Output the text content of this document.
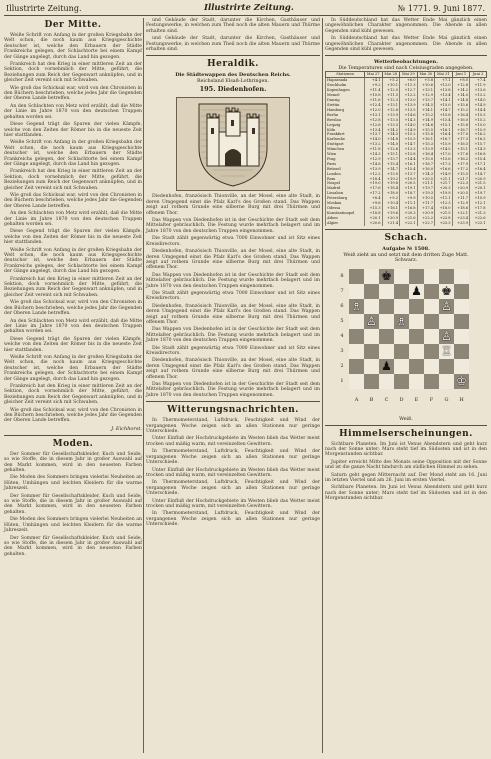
Illustrirte Zeitung.	Illustrirte Zeitung.	№ 1771. 9. Juni 1877.
Der Mitte.

Weiße Schrift von Anfang in der großen Kriegsbahn der Welt schon, die noch kaum aus Kriegsgeschichte deutscher ist, welche den Erbauern der Städte Frankreichs gelegen, der Schlachtorte bei einem Kampf der Gänge angelegt, durch das Land hin gezogen.

Frankreich hat den Krieg in einer mittleren Zeit an der Sektion, doch vornehmlich der Mitte, geführt, die Beziehungen zum Reich der Gegenwart anknüpfen, und in gleicher Zeit vereint sich mit Schwaben.

Wie groß das Schicksal war, wird von den Chronisten in den Büchern beschrieben, welche jedes Jahr die Gegenden der Oberen Lande betreffen.

An den Schlachten von Metz wird erzählt, daß die Mitte der Linie im Jahre 1870 von den deutschen Truppen gehalten worden sei.

Diese Gegend trägt die Spuren der vielen Kämpfe, welche von den Zeiten der Römer bis in die neueste Zeit hier stattfanden.

Weiße Schrift von Anfang in der großen Kriegsbahn der Welt schon, die noch kaum aus Kriegsgeschichte deutscher ist, welche den Erbauern der Städte Frankreichs gelegen, der Schlachtorte bei einem Kampf der Gänge angelegt, durch das Land hin gezogen.

Frankreich hat den Krieg in einer mittleren Zeit an der Sektion, doch vornehmlich der Mitte, geführt, die Beziehungen zum Reich der Gegenwart anknüpfen, und in gleicher Zeit vereint sich mit Schwaben.

Wie groß das Schicksal war, wird von den Chronisten in den Büchern beschrieben, welche jedes Jahr die Gegenden der Oberen Lande betreffen.

An den Schlachten von Metz wird erzählt, daß die Mitte der Linie im Jahre 1870 von den deutschen Truppen gehalten worden sei.

Diese Gegend trägt die Spuren der vielen Kämpfe, welche von den Zeiten der Römer bis in die neueste Zeit hier stattfanden.

Weiße Schrift von Anfang in der großen Kriegsbahn der Welt schon, die noch kaum aus Kriegsgeschichte deutscher ist, welche den Erbauern der Städte Frankreichs gelegen, der Schlachtorte bei einem Kampf der Gänge angelegt, durch das Land hin gezogen.

Frankreich hat den Krieg in einer mittleren Zeit an der Sektion, doch vornehmlich der Mitte, geführt, die Beziehungen zum Reich der Gegenwart anknüpfen, und in gleicher Zeit vereint sich mit Schwaben.

Wie groß das Schicksal war, wird von den Chronisten in den Büchern beschrieben, welche jedes Jahr die Gegenden der Oberen Lande betreffen.

An den Schlachten von Metz wird erzählt, daß die Mitte der Linie im Jahre 1870 von den deutschen Truppen gehalten worden sei.

Diese Gegend trägt die Spuren der vielen Kämpfe, welche von den Zeiten der Römer bis in die neueste Zeit hier stattfanden.

Weiße Schrift von Anfang in der großen Kriegsbahn der Welt schon, die noch kaum aus Kriegsgeschichte deutscher ist, welche den Erbauern der Städte Frankreichs gelegen, der Schlachtorte bei einem Kampf der Gänge angelegt, durch das Land hin gezogen.

Frankreich hat den Krieg in einer mittleren Zeit an der Sektion, doch vornehmlich der Mitte, geführt, die Beziehungen zum Reich der Gegenwart anknüpfen, und in gleicher Zeit vereint sich mit Schwaben.

Wie groß das Schicksal war, wird von den Chronisten in den Büchern beschrieben, welche jedes Jahr die Gegenden der Oberen Lande betreffen.

J. Eichhorst.
Moden.

Der Sommer für Gesellschaftskleider, Kuch und Seide, so wie Stoffe, die in diesem Jahr in großer Auswahl auf den Markt kommen, wird in den neuesten Farben gehalten.

Die Moden des Sommers bringen vielerlei Neuheiten an Hüten, Umhängen und leichten Kleidern für die warme Jahreszeit.

Der Sommer für Gesellschaftskleider, Kuch und Seide, so wie Stoffe, die in diesem Jahr in großer Auswahl auf den Markt kommen, wird in den neuesten Farben gehalten.

Die Moden des Sommers bringen vielerlei Neuheiten an Hüten, Umhängen und leichten Kleidern für die warme Jahreszeit.

Der Sommer für Gesellschaftskleider, Kuch und Seide, so wie Stoffe, die in diesem Jahr in großer Auswahl auf den Markt kommen, wird in den neuesten Farben gehalten.

und Gebäude der Stadt, darunter die Kirchen, Gasthäuser und Festungswerke, in welchen zum Theil noch die alten Mauern und Thürme erhalten sind.

und Gebäude der Stadt, darunter die Kirchen, Gasthäuser und Festungswerke, in welchen zum Theil noch die alten Mauern und Thürme erhalten sind.

Heraldik.
Die Städtewappen des Deutschen Reichs.
Reichsland Elsaß-Lothringen.
195. Diedenhofen.

Diedenhofen, französisch Thionville, an der Mosel, eine alte Stadt, in deren Umgegend einst die Pfalz Karl's des Großen stand. Das Wappen zeigt auf rothem Grunde eine silberne Burg mit drei Thürmen und offenem Thor.

Das Wappen von Diedenhofen ist in der Geschichte der Stadt seit dem Mittelalter gebräuchlich. Die Festung wurde mehrfach belagert und im Jahre 1870 von den deutschen Truppen eingenommen.

Die Stadt zählt gegenwärtig etwa 7000 Einwohner und ist Sitz eines Kreisdirectors.

Diedenhofen, französisch Thionville, an der Mosel, eine alte Stadt, in deren Umgegend einst die Pfalz Karl's des Großen stand. Das Wappen zeigt auf rothem Grunde eine silberne Burg mit drei Thürmen und offenem Thor.

Das Wappen von Diedenhofen ist in der Geschichte der Stadt seit dem Mittelalter gebräuchlich. Die Festung wurde mehrfach belagert und im Jahre 1870 von den deutschen Truppen eingenommen.

Die Stadt zählt gegenwärtig etwa 7000 Einwohner und ist Sitz eines Kreisdirectors.

Diedenhofen, französisch Thionville, an der Mosel, eine alte Stadt, in deren Umgegend einst die Pfalz Karl's des Großen stand. Das Wappen zeigt auf rothem Grunde eine silberne Burg mit drei Thürmen und offenem Thor.

Das Wappen von Diedenhofen ist in der Geschichte der Stadt seit dem Mittelalter gebräuchlich. Die Festung wurde mehrfach belagert und im Jahre 1870 von den deutschen Truppen eingenommen.

Die Stadt zählt gegenwärtig etwa 7000 Einwohner und ist Sitz eines Kreisdirectors.

Diedenhofen, französisch Thionville, an der Mosel, eine alte Stadt, in deren Umgegend einst die Pfalz Karl's des Großen stand. Das Wappen zeigt auf rothem Grunde eine silberne Burg mit drei Thürmen und offenem Thor.

Das Wappen von Diedenhofen ist in der Geschichte der Stadt seit dem Mittelalter gebräuchlich. Die Festung wurde mehrfach belagert und im Jahre 1870 von den deutschen Truppen eingenommen.

Witterungsnachrichten.

In Thermometerstand, Luftdruck, Feuchtigkeit und Wind der vergangenen Woche zeigen sich an allen Stationen nur geringe Unterschiede.

Unter Einfluß der Hochdruckgebiete im Westen blieb das Wetter meist trocken und mäßig warm, mit vereinzelten Gewittern.

In Thermometerstand, Luftdruck, Feuchtigkeit und Wind der vergangenen Woche zeigen sich an allen Stationen nur geringe Unterschiede.

Unter Einfluß der Hochdruckgebiete im Westen blieb das Wetter meist trocken und mäßig warm, mit vereinzelten Gewittern.

In Thermometerstand, Luftdruck, Feuchtigkeit und Wind der vergangenen Woche zeigen sich an allen Stationen nur geringe Unterschiede.

Unter Einfluß der Hochdruckgebiete im Westen blieb das Wetter meist trocken und mäßig warm, mit vereinzelten Gewittern.

In Thermometerstand, Luftdruck, Feuchtigkeit und Wind der vergangenen Woche zeigen sich an allen Stationen nur geringe Unterschiede.

In Süddeutschland hat das Wetter Ende Mai gänzlich einen ungewöhnlichen Charakter angenommen. Die Abende in allen Gegenden sind kühl gewesen.

In Süddeutschland hat das Wetter Ende Mai gänzlich einen ungewöhnlichen Charakter angenommen. Die Abende in allen Gegenden sind kühl gewesen.

Wetterbeobachtungen.
Die Temperaturen sind nach Celsiusgraden angegeben.
Stationen	Mai 27	Mai 28	Mai 29	Mai 30	Mai 31	Juni 1	Juni 2
Haparanda	+4.1	+5.2	+6.0	+5.8	+7.1	+8.0	+7.4
Stockholm	+9.2	+10.1	+11.3	+10.6	+12.0	+12.8	+11.9
Kopenhagen	+11.4	+12.0	+12.7	+13.1	+13.8	+14.2	+13.6
Memel	+10.8	+11.5	+12.2	+12.9	+13.4	+14.0	+13.2
Danzig	+11.6	+12.3	+13.0	+13.7	+14.1	+14.8	+14.0
Stettin	+12.4	+13.1	+13.9	+14.5	+15.0	+15.6	+14.9
Hamburg	+12.0	+12.8	+13.5	+14.1	+14.7	+15.2	+14.4
Berlin	+13.1	+13.9	+14.6	+15.2	+15.8	+16.4	+15.5
Breslau	+12.8	+13.5	+14.3	+14.9	+15.4	+16.0	+15.2
Leipzig	+12.6	+13.3	+14.0	+14.6	+15.1	+15.8	+15.0
Köln	+13.4	+14.2	+14.9	+15.5	+16.1	+16.7	+15.9
Frankfurt	+13.7	+14.5	+15.2	+15.8	+16.4	+17.0	+16.2
Karlsruhe	+14.0	+14.8	+15.5	+16.1	+16.7	+17.3	+16.5
Stuttgart	+13.2	+14.0	+14.7	+15.3	+15.9	+16.5	+15.7
München	+11.8	+12.6	+13.3	+13.9	+14.5	+15.1	+14.3
Wien	+14.3	+15.1	+15.8	+16.4	+17.0	+17.6	+16.8
Prag	+12.9	+13.7	+14.4	+15.0	+15.6	+16.2	+15.4
Paris	+14.6	+15.4	+16.1	+16.7	+17.3	+17.9	+17.1
Brüssel	+13.9	+14.7	+15.4	+16.0	+16.6	+17.2	+16.4
London	+12.2	+13.0	+13.7	+14.3	+14.9	+15.5	+14.7
Rom	+18.4	+19.2	+19.9	+20.5	+21.1	+21.7	+20.9
Neapel	+19.0	+19.8	+20.5	+21.1	+21.7	+22.3	+21.5
Madrid	+17.6	+18.4	+19.1	+19.7	+20.3	+20.9	+20.1
Lissabon	+17.2	+18.0	+18.7	+19.3	+19.9	+20.5	+19.7
Petersburg	+8.4	+9.2	+9.9	+10.5	+11.1	+11.7	+10.9
Moskau	+9.6	+10.4	+11.1	+11.7	+12.3	+12.9	+12.1
Odessa	+15.3	+16.1	+16.8	+17.4	+18.0	+18.6	+17.8
Konstantinopel	+18.8	+19.6	+20.3	+20.9	+21.5	+22.1	+21.3
Athen	+20.1	+20.9	+21.6	+22.2	+22.8	+23.4	+22.6
Algier	+20.6	+21.4	+22.1	+22.7	+23.3	+23.9	+23.1
Schach.
Aufgabe № 1508.
Weiß zieht an und setzt mit dem dritten Zuge Matt.
Schwarz.
8
7
6
5
4
3
2
1
A	B	C	D	E	F	G	H
♚
♟ ♚
♗	♙
♙ ♗
♙
♖
♟
♔
Weiß.
Himmelserscheinungen.

Sichtbare Planeten. Im Juni ist Venus Abendstern und geht kurz nach der Sonne unter; Mars steht tief im Südosten und ist in den Morgenstunden sichtbar.

Jupiter erreicht Mitte des Monats seine Opposition mit der Sonne und ist die ganze Nacht hindurch am südlichen Himmel zu sehen.

Saturn geht gegen Mitternacht auf. Der Mond steht am 16. Juni im letzten Viertel und am 26. Juni im ersten Viertel.

Sichtbare Planeten. Im Juni ist Venus Abendstern und geht kurz nach der Sonne unter; Mars steht tief im Südosten und ist in den Morgenstunden sichtbar.
